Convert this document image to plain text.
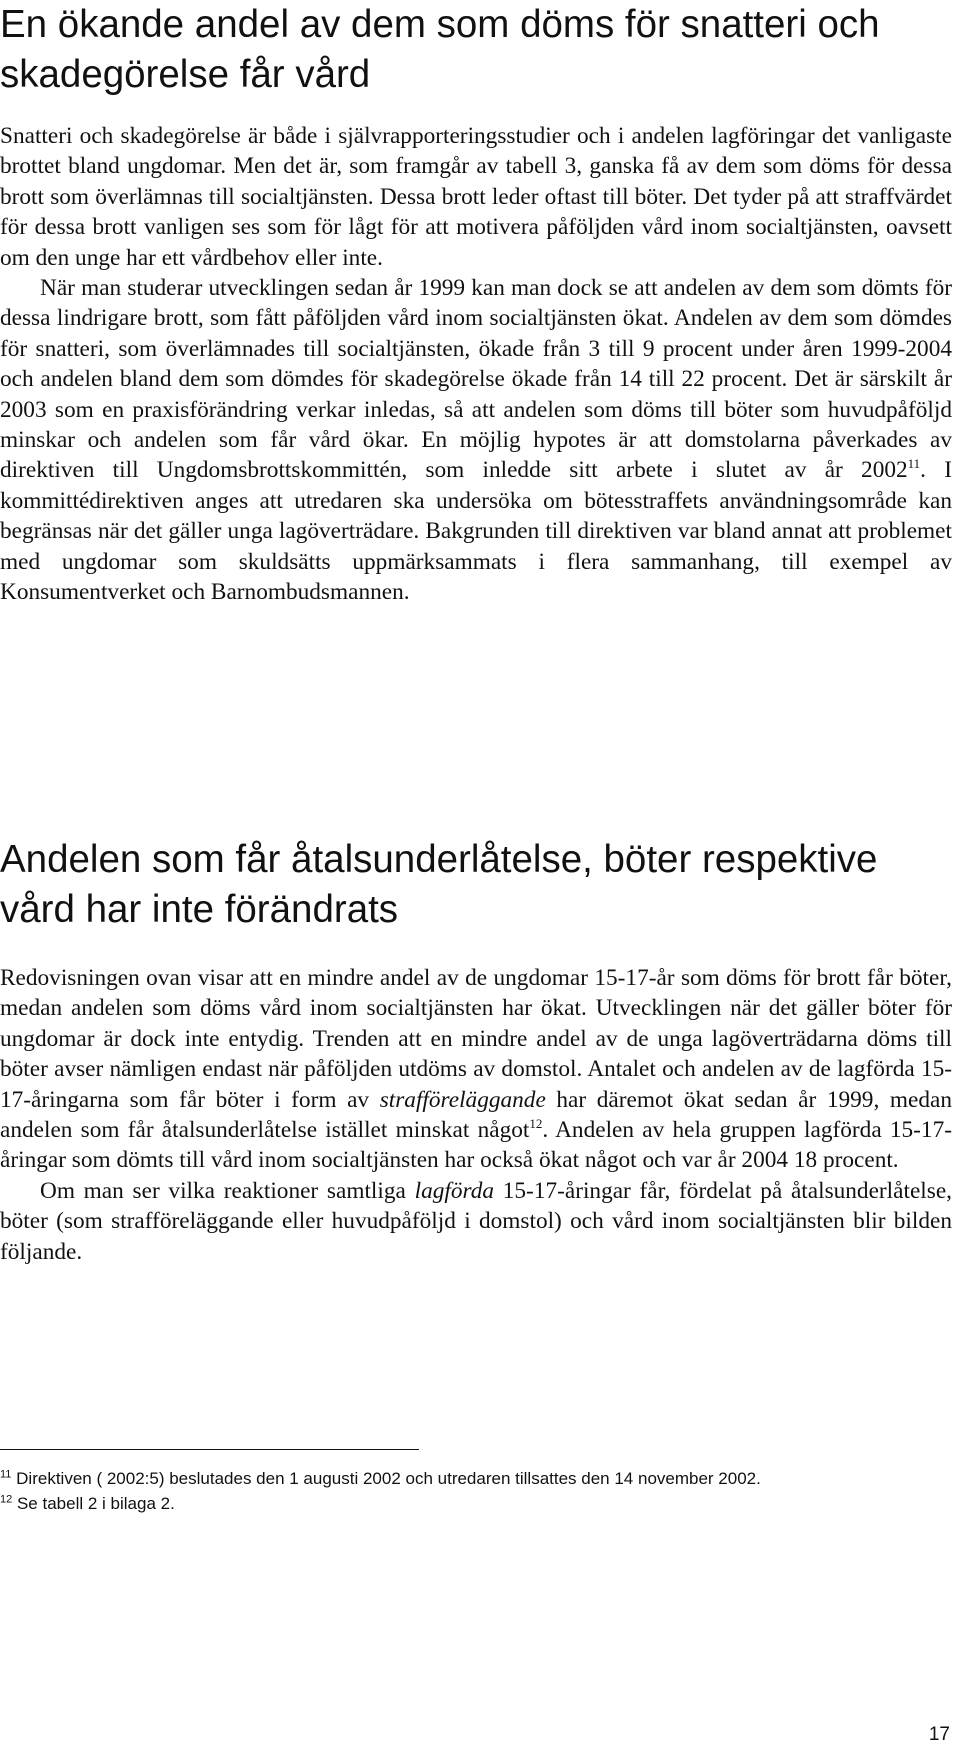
En ökande andel av dem som döms för snatteri och skadegörelse får vård

Snatteri och skadegörelse är både i självrapporteringsstudier och i andelen lagföringar det vanligaste brottet bland ungdomar. Men det är, som framgår av tabell 3, ganska få av dem som döms för dessa brott som överlämnas till socialtjänsten. Dessa brott leder oftast till böter. Det tyder på att straffvärdet för dessa brott vanligen ses som för lågt för att motivera påföljden vård inom socialtjänsten, oavsett om den unge har ett vårdbehov eller inte.

När man studerar utvecklingen sedan år 1999 kan man dock se att andelen av dem som dömts för dessa lindrigare brott, som fått påföljden vård inom socialtjänsten ökat. Andelen av dem som dömdes för snatteri, som överlämnades till socialtjänsten, ökade från 3 till 9 procent under åren 1999-2004 och andelen bland dem som dömdes för skadegörelse ökade från 14 till 22 procent. Det är särskilt år 2003 som en praxisförändring verkar inledas, så att andelen som döms till böter som huvudpåföljd minskar och andelen som får vård ökar. En möjlig hypotes är att domstolarna påverkades av direktiven till Ungdomsbrottskommittén, som inledde sitt arbete i slutet av år 2002$^{11}$. I kommittédirektiven anges att utredaren ska undersöka om bötesstraffets användningsområde kan begränsas när det gäller unga lagöverträdare. Bakgrunden till direktiven var bland annat att problemet med ungdomar som skuldsätts uppmärksammats i flera sammanhang, till exempel av Konsumentverket och Barnombudsmannen.

Andelen som får åtalsunderlåtelse, böter respektive vård har inte förändrats

Redovisningen ovan visar att en mindre andel av de ungdomar 15-17-år som döms för brott får böter, medan andelen som döms vård inom socialtjänsten har ökat. Utvecklingen när det gäller böter för ungdomar är dock inte entydig. Trenden att en mindre andel av de unga lagöverträdarna döms till böter avser nämligen endast när påföljden utdöms av domstol. Antalet och andelen av de lagförda 15-17-åringarna som får böter i form av strafföreläggande har däremot ökat sedan år 1999, medan andelen som får åtalsunderlåtelse istället minskat något$^{12}$. Andelen av hela gruppen lagförda 15-17-åringar som dömts till vård inom socialtjänsten har också ökat något och var år 2004 18 procent.

Om man ser vilka reaktioner samtliga lagförda 15-17-åringar får, fördelat på åtalsunderlåtelse, böter (som strafföreläggande eller huvudpåföljd i domstol) och vård inom socialtjänsten blir bilden följande.

$^{11}$ Direktiven ( 2002:5) beslutades den 1 augusti 2002 och utredaren tillsattes den 14 november 2002.

$^{12}$ Se tabell 2 i bilaga 2.

17
